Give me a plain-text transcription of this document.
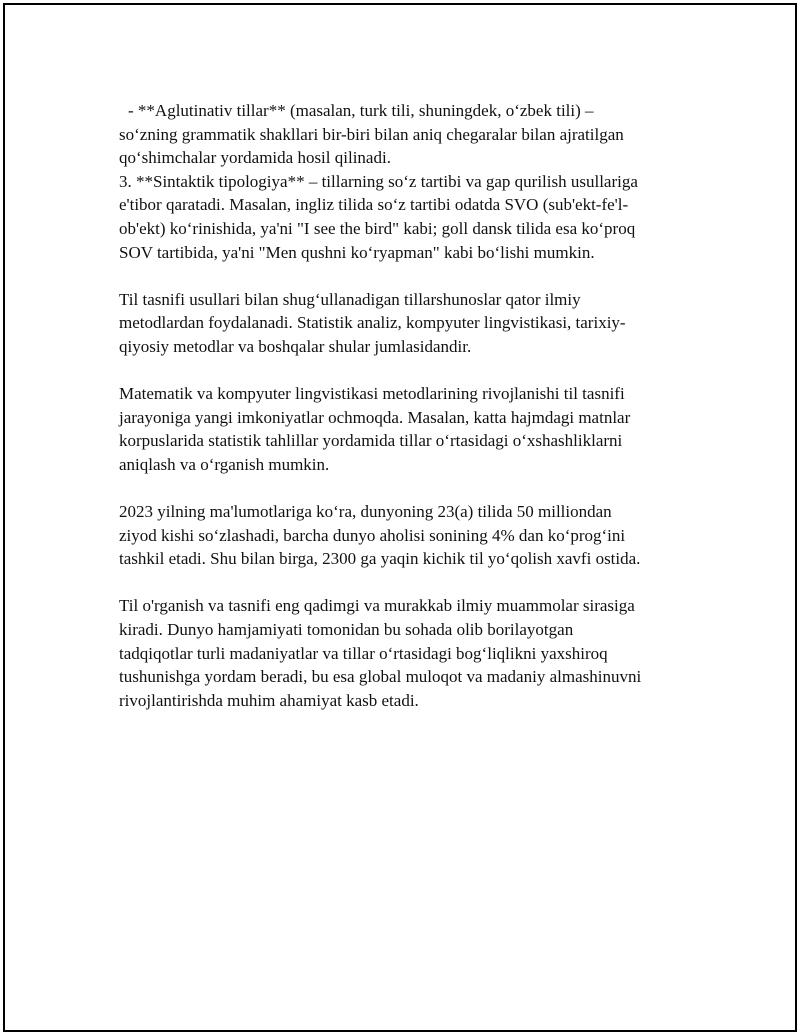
- **Aglutinativ tillar** (masalan, turk tili, shuningdek, o‘zbek tili) –
so‘zning grammatik shakllari bir-biri bilan aniq chegaralar bilan ajratilgan
qo‘shimchalar yordamida hosil qilinadi.
3. **Sintaktik tipologiya** – tillarning so‘z tartibi va gap qurilish usullariga
e'tibor qaratadi. Masalan, ingliz tilida so‘z tartibi odatda SVO (sub'ekt-fe'l-
ob'ekt) ko‘rinishida, ya'ni "I see the bird" kabi; goll dansk tilida esa ko‘proq
SOV tartibida, ya'ni "Men qushni ko‘ryapman" kabi bo‘lishi mumkin.

Til tasnifi usullari bilan shug‘ullanadigan tillarshunoslar qator ilmiy
metodlardan foydalanadi. Statistik analiz, kompyuter lingvistikasi, tarixiy-
qiyosiy metodlar va boshqalar shular jumlasidandir.

Matematik va kompyuter lingvistikasi metodlarining rivojlanishi til tasnifi
jarayoniga yangi imkoniyatlar ochmoqda. Masalan, katta hajmdagi matnlar
korpuslarida statistik tahlillar yordamida tillar o‘rtasidagi o‘xshashliklarni
aniqlash va o‘rganish mumkin.

2023 yilning ma'lumotlariga ko‘ra, dunyoning 23(a) tilida 50 milliondan
ziyod kishi so‘zlashadi, barcha dunyo aholisi sonining 4% dan ko‘prog‘ini
tashkil etadi. Shu bilan birga, 2300 ga yaqin kichik til yo‘qolish xavfi ostida.

Til o'rganish va tasnifi eng qadimgi va murakkab ilmiy muammolar sirasiga
kiradi. Dunyo hamjamiyati tomonidan bu sohada olib borilayotgan
tadqiqotlar turli madaniyatlar va tillar o‘rtasidagi bog‘liqlikni yaxshiroq
tushunishga yordam beradi, bu esa global muloqot va madaniy almashinuvni
rivojlantirishda muhim ahamiyat kasb etadi.
